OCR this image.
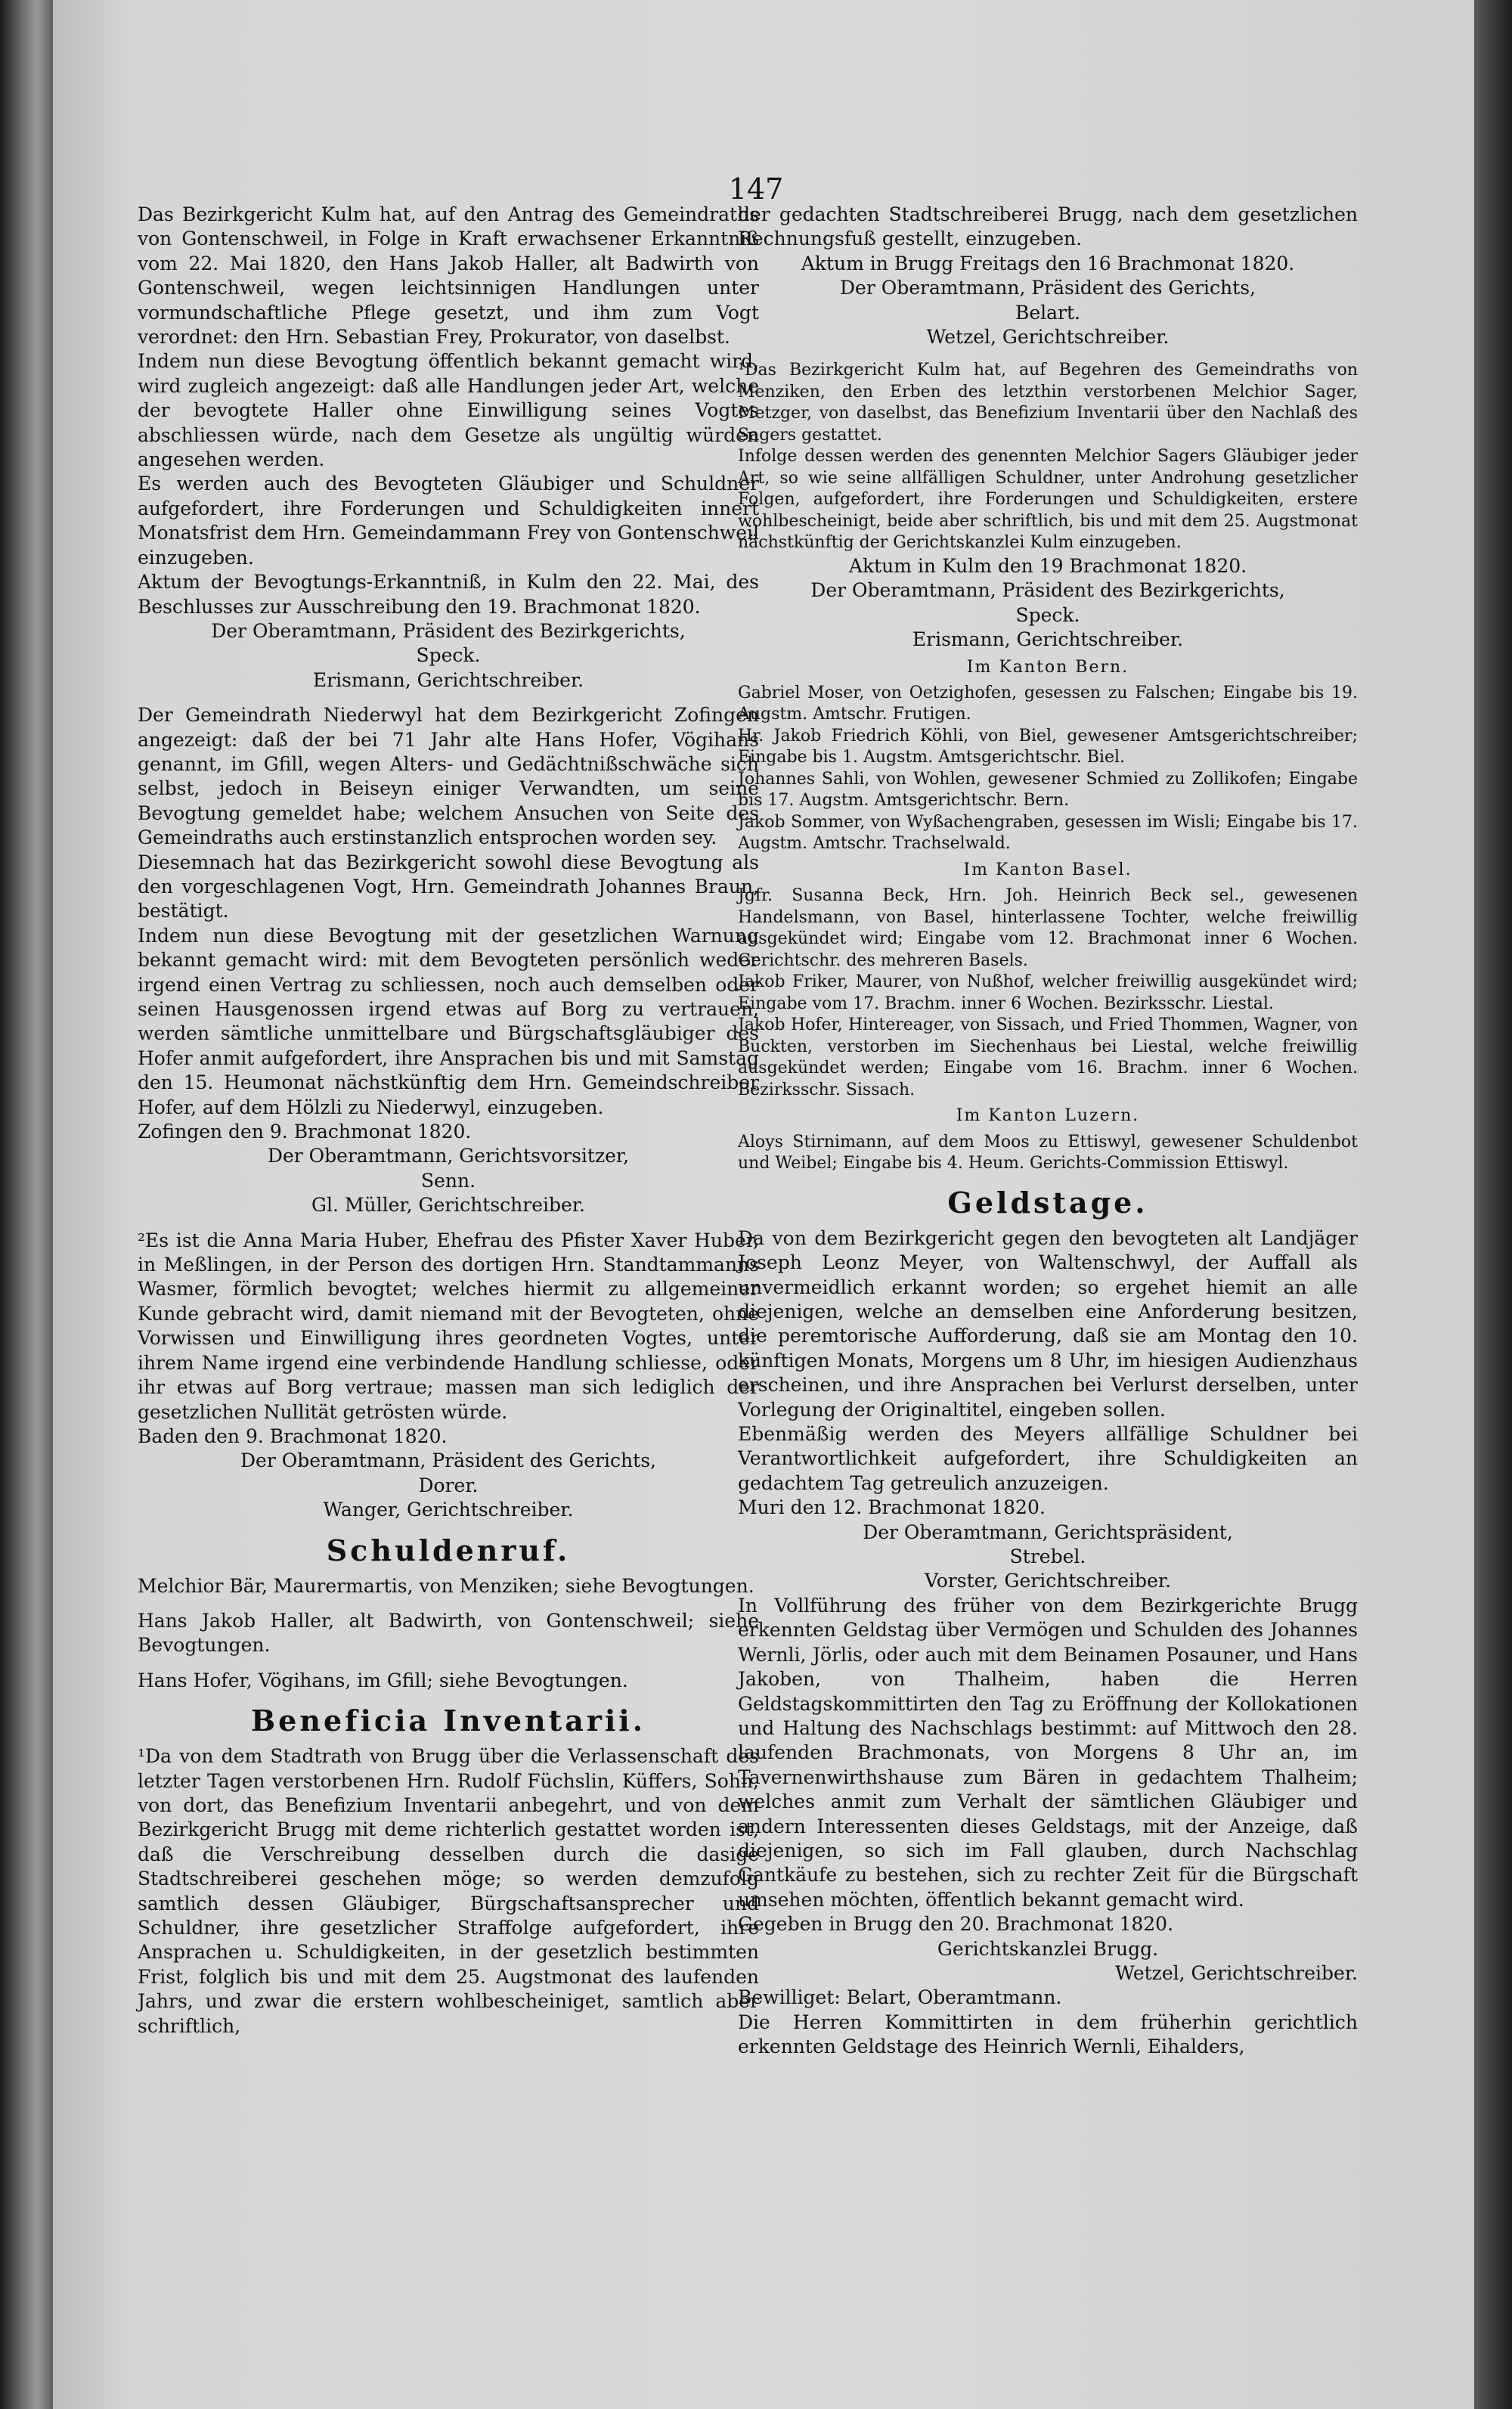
147

Das Bezirkgericht Kulm hat, auf den Antrag des Gemeindraths von Gontenschweil, in Folge in Kraft erwachsener Erkanntniß vom 22. Mai 1820, den Hans Jakob Haller, alt Badwirth von Gontenschweil, wegen leichtsinnigen Handlungen unter vormundschaftliche Pflege gesetzt, und ihm zum Vogt verordnet: den Hrn. Sebastian Frey, Prokurator, von daselbst.

Indem nun diese Bevogtung öffentlich bekannt gemacht wird, wird zugleich angezeigt: daß alle Handlungen jeder Art, welche der bevogtete Haller ohne Einwilligung seines Vogtes abschliessen würde, nach dem Gesetze als ungültig würden angesehen werden.

Es werden auch des Bevogteten Gläubiger und Schuldner aufgefordert, ihre Forderungen und Schuldigkeiten innert Monatsfrist dem Hrn. Gemeindammann Frey von Gontenschweil einzugeben.

Aktum der Bevogtungs-Erkanntniß, in Kulm den 22. Mai, des Beschlusses zur Ausschreibung den 19. Brachmonat 1820.

Der Oberamtmann, Präsident des Bezirkgerichts,

Speck.

Erismann, Gerichtschreiber.

Der Gemeindrath Niederwyl hat dem Bezirkgericht Zofingen angezeigt: daß der bei 71 Jahr alte Hans Hofer, Vögihans genannt, im Gfill, wegen Alters- und Gedächtnißschwäche sich selbst, jedoch in Beiseyn einiger Verwandten, um seine Bevogtung gemeldet habe; welchem Ansuchen von Seite des Gemeindraths auch erstinstanzlich entsprochen worden sey.

Diesemnach hat das Bezirkgericht sowohl diese Bevogtung als den vorgeschlagenen Vogt, Hrn. Gemeindrath Johannes Braun, bestätigt.

Indem nun diese Bevogtung mit der gesetzlichen Warnung bekannt gemacht wird: mit dem Bevogteten persönlich weder irgend einen Vertrag zu schliessen, noch auch demselben oder seinen Hausgenossen irgend etwas auf Borg zu vertrauen, werden sämtliche unmittelbare und Bürgschaftsgläubiger des Hofer anmit aufgefordert, ihre Ansprachen bis und mit Samstag den 15. Heumonat nächstkünftig dem Hrn. Gemeindschreiber Hofer, auf dem Hölzli zu Niederwyl, einzugeben.

Zofingen den 9. Brachmonat 1820.

Der Oberamtmann, Gerichtsvorsitzer,

Senn.

Gl. Müller, Gerichtschreiber.

²Es ist die Anna Maria Huber, Ehefrau des Pfister Xaver Huber, in Meßlingen, in der Person des dortigen Hrn. Standtammanns Wasmer, förmlich bevogtet; welches hiermit zu allgemeiner Kunde gebracht wird, damit niemand mit der Bevogteten, ohne Vorwissen und Einwilligung ihres geordneten Vogtes, unter ihrem Name irgend eine verbindende Handlung schliesse, oder ihr etwas auf Borg vertraue; massen man sich lediglich der gesetzlichen Nullität getrösten würde.

Baden den 9. Brachmonat 1820.

Der Oberamtmann, Präsident des Gerichts,

Dorer.

Wanger, Gerichtschreiber.

Schuldenruf.

Melchior Bär, Maurermartis, von Menziken; siehe Bevogtungen.

Hans Jakob Haller, alt Badwirth, von Gontenschweil; siehe Bevogtungen.

Hans Hofer, Vögihans, im Gfill; siehe Bevogtungen.

Beneficia Inventarii.

¹Da von dem Stadtrath von Brugg über die Verlassenschaft des letzter Tagen verstorbenen Hrn. Rudolf Füchslin, Küffers, Sohn, von dort, das Benefizium Inventarii anbegehrt, und von dem Bezirkgericht Brugg mit deme richterlich gestattet worden ist, daß die Verschreibung desselben durch die dasige Stadtschreiberei geschehen möge; so werden demzufolg samtlich dessen Gläubiger, Bürgschaftsansprecher und Schuldner, ihre gesetzlicher Straffolge aufgefordert, ihre Ansprachen u. Schuldigkeiten, in der gesetzlich bestimmten Frist, folglich bis und mit dem 25. Augstmonat des laufenden Jahrs, und zwar die erstern wohlbescheiniget, samtlich aber schriftlich,

der gedachten Stadtschreiberei Brugg, nach dem gesetzlichen Rechnungsfuß gestellt, einzugeben.

Aktum in Brugg Freitags den 16 Brachmonat 1820.

Der Oberamtmann, Präsident des Gerichts,

Belart.

Wetzel, Gerichtschreiber.

¹Das Bezirkgericht Kulm hat, auf Begehren des Gemeindraths von Menziken, den Erben des letzthin verstorbenen Melchior Sager, Metzger, von daselbst, das Benefizium Inventarii über den Nachlaß des Sagers gestattet.

Infolge dessen werden des genennten Melchior Sagers Gläubiger jeder Art, so wie seine allfälligen Schuldner, unter Androhung gesetzlicher Folgen, aufgefordert, ihre Forderungen und Schuldigkeiten, erstere wohlbescheinigt, beide aber schriftlich, bis und mit dem 25. Augstmonat nächstkünftig der Gerichtskanzlei Kulm einzugeben.

Aktum in Kulm den 19 Brachmonat 1820.

Der Oberamtmann, Präsident des Bezirkgerichts,

Speck.

Erismann, Gerichtschreiber.

Im Kanton Bern.

Gabriel Moser, von Oetzighofen, gesessen zu Falschen; Eingabe bis 19. Augstm. Amtschr. Frutigen.

Hr. Jakob Friedrich Köhli, von Biel, gewesener Amtsgerichtschreiber; Eingabe bis 1. Augstm. Amtsgerichtschr. Biel.

Johannes Sahli, von Wohlen, gewesener Schmied zu Zollikofen; Eingabe bis 17. Augstm. Amtsgerichtschr. Bern.

Jakob Sommer, von Wyßachengraben, gesessen im Wisli; Eingabe bis 17. Augstm. Amtschr. Trachselwald.

Im Kanton Basel.

Jgfr. Susanna Beck, Hrn. Joh. Heinrich Beck sel., gewesenen Handelsmann, von Basel, hinterlassene Tochter, welche freiwillig ausgekündet wird; Eingabe vom 12. Brachmonat inner 6 Wochen. Gerichtschr. des mehreren Basels.

Jakob Friker, Maurer, von Nußhof, welcher freiwillig ausgekündet wird; Eingabe vom 17. Brachm. inner 6 Wochen. Bezirksschr. Liestal.

Jakob Hofer, Hintereager, von Sissach, und Fried Thommen, Wagner, von Buckten, verstorben im Siechenhaus bei Liestal, welche freiwillig ausgekündet werden; Eingabe vom 16. Brachm. inner 6 Wochen. Bezirksschr. Sissach.

Im Kanton Luzern.

Aloys Stirnimann, auf dem Moos zu Ettiswyl, gewesener Schuldenbot und Weibel; Eingabe bis 4. Heum. Gerichts-Commission Ettiswyl.

Geldstage.

Da von dem Bezirkgericht gegen den bevogteten alt Landjäger Joseph Leonz Meyer, von Waltenschwyl, der Auffall als unvermeidlich erkannt worden; so ergehet hiemit an alle diejenigen, welche an demselben eine Anforderung besitzen, die peremtorische Aufforderung, daß sie am Montag den 10. künftigen Monats, Morgens um 8 Uhr, im hiesigen Audienzhaus erscheinen, und ihre Ansprachen bei Verlurst derselben, unter Vorlegung der Originaltitel, eingeben sollen.

Ebenmäßig werden des Meyers allfällige Schuldner bei Verantwortlichkeit aufgefordert, ihre Schuldigkeiten an gedachtem Tag getreulich anzuzeigen.

Muri den 12. Brachmonat 1820.

Der Oberamtmann, Gerichtspräsident,

Strebel.

Vorster, Gerichtschreiber.

In Vollführung des früher von dem Bezirkgerichte Brugg erkennten Geldstag über Vermögen und Schulden des Johannes Wernli, Jörlis, oder auch mit dem Beinamen Posauner, und Hans Jakoben, von Thalheim, haben die Herren Geldstagskommittirten den Tag zu Eröffnung der Kollokationen und Haltung des Nachschlags bestimmt: auf Mittwoch den 28. laufenden Brachmonats, von Morgens 8 Uhr an, im Tavernenwirthshause zum Bären in gedachtem Thalheim; welches anmit zum Verhalt der sämtlichen Gläubiger und andern Interessenten dieses Geldstags, mit der Anzeige, daß diejenigen, so sich im Fall glauben, durch Nachschlag Gantkäufe zu bestehen, sich zu rechter Zeit für die Bürgschaft umsehen möchten, öffentlich bekannt gemacht wird.

Gegeben in Brugg den 20. Brachmonat 1820.

Gerichtskanzlei Brugg.

Wetzel, Gerichtschreiber.

Bewilliget: Belart, Oberamtmann.

Die Herren Kommittirten in dem früherhin gerichtlich erkennten Geldstage des Heinrich Wernli, Eihalders,
